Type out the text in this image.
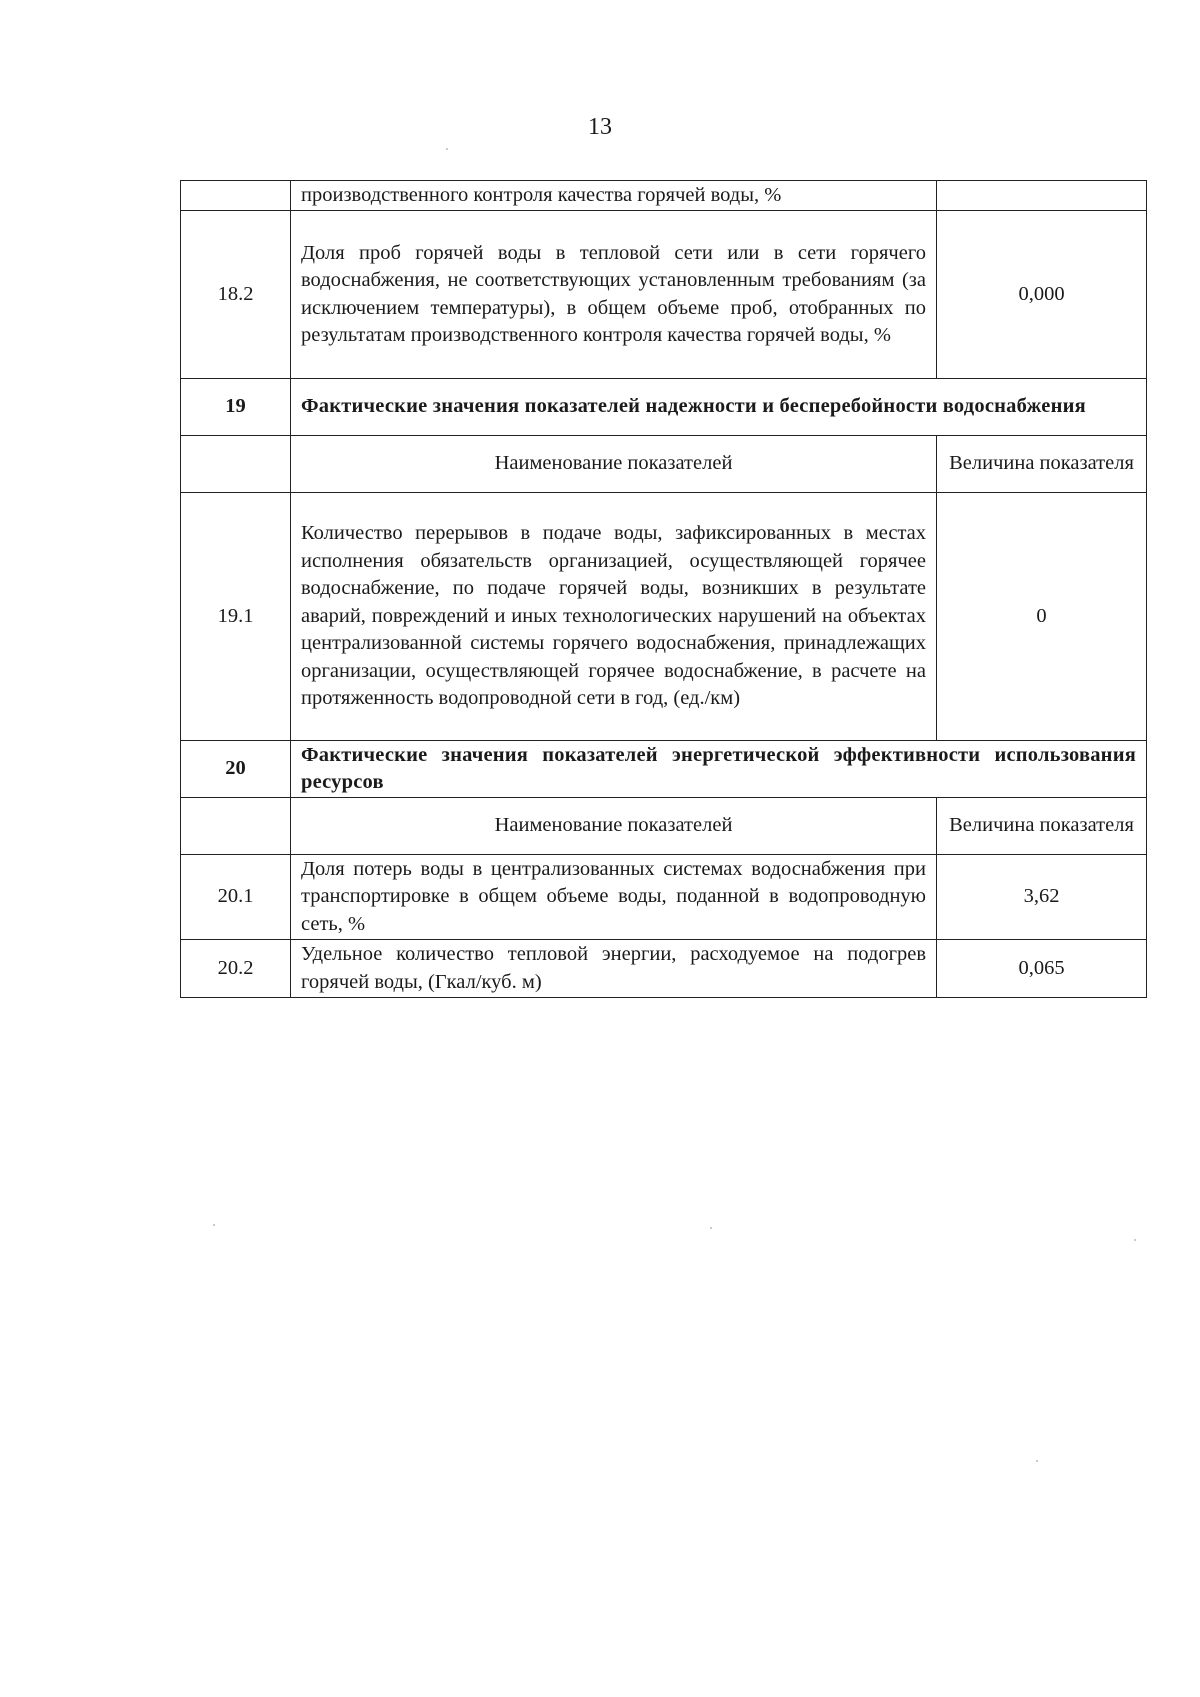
13
	производственного контроля качества горячей воды, %	
18.2	Доля проб горячей воды в тепловой сети или в сети горячего водоснабжения, не соответствующих установленным требованиям (за исключением температуры), в общем объеме проб, отобранных по результатам производственного контроля качества горячей воды, %	0,000
19	Фактические значения показателей надежности и бесперебойности водоснабжения	
	Наименование показателей	Величина показателя
19.1	Количество перерывов в подаче воды, зафиксированных в местах исполнения обязательств организацией, осуществляющей горячее водоснабжение, по подаче горячей воды, возникших в результате аварий, повреждений и иных технологических нарушений на объектах централизованной системы горячего водоснабжения, принадлежащих организации, осуществляющей горячее водоснабжение, в расчете на протяженность водопроводной сети в год, (ед./км)	0
20	Фактические значения показателей энергетической эффективности использования ресурсов	
	Наименование показателей	Величина показателя
20.1	Доля потерь воды в централизованных системах водоснабжения при транспортировке в общем объеме воды, поданной в водопроводную сеть, %	3,62
20.2	Удельное количество тепловой энергии, расходуемое на подогрев горячей воды, (Гкал/куб. м)	0,065
